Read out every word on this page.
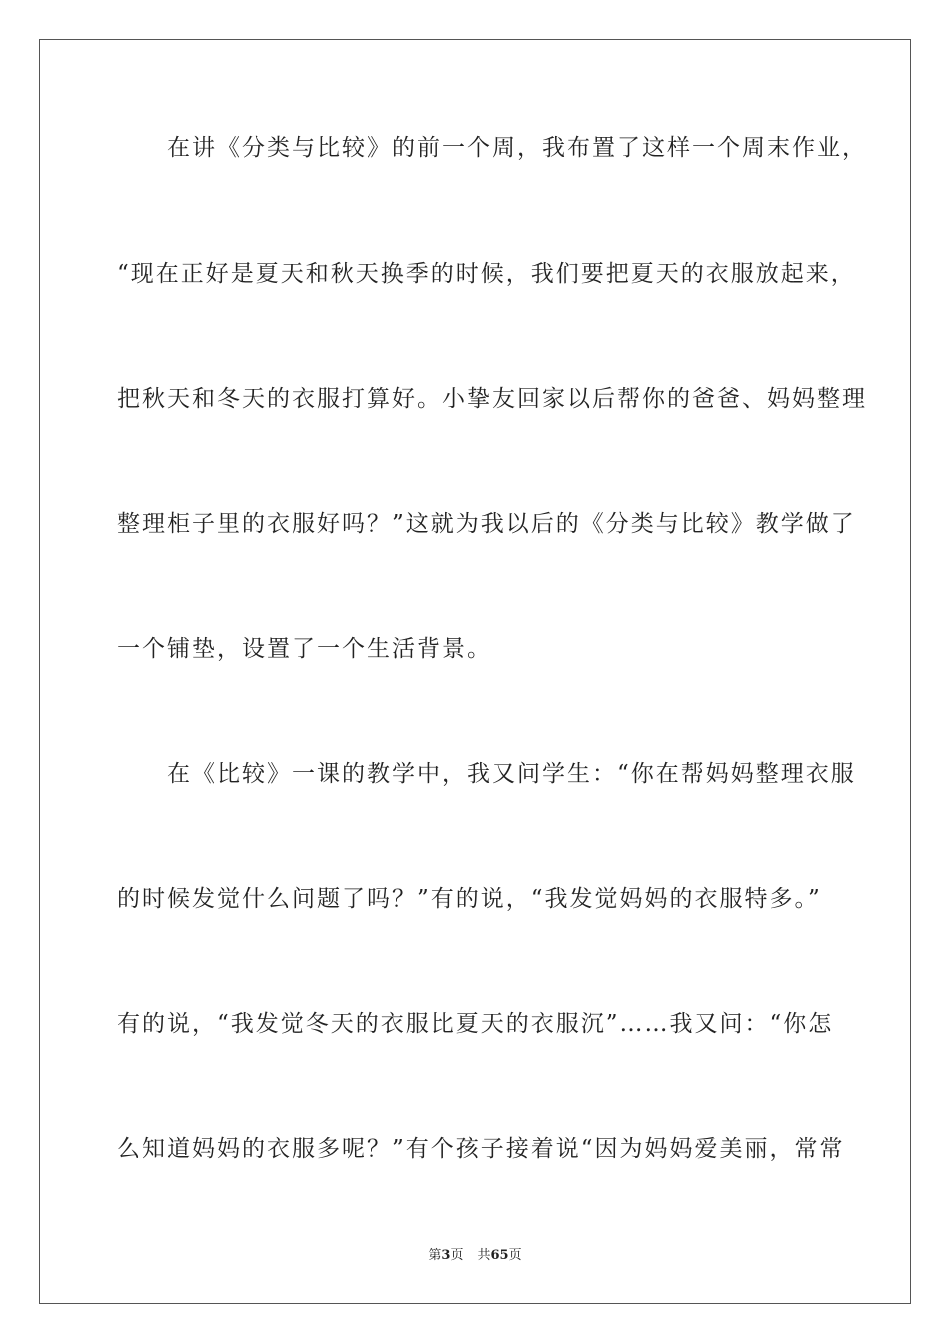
　　在讲《分类与比较》的前一个周，我布置了这样一个周末作业，
“现在正好是夏天和秋天换季的时候，我们要把夏天的衣服放起来，
把秋天和冬天的衣服打算好。小挚友回家以后帮你的爸爸、妈妈整理
整理柜子里的衣服好吗？”这就为我以后的《分类与比较》教学做了
一个铺垫，设置了一个生活背景。
　　在《比较》一课的教学中，我又问学生：“你在帮妈妈整理衣服
的时候发觉什么问题了吗？”有的说，“我发觉妈妈的衣服特多。”
有的说，“我发觉冬天的衣服比夏天的衣服沉”……我又问：“你怎
么知道妈妈的衣服多呢？”有个孩子接着说“因为妈妈爱美丽，常常
第3页 共65页
